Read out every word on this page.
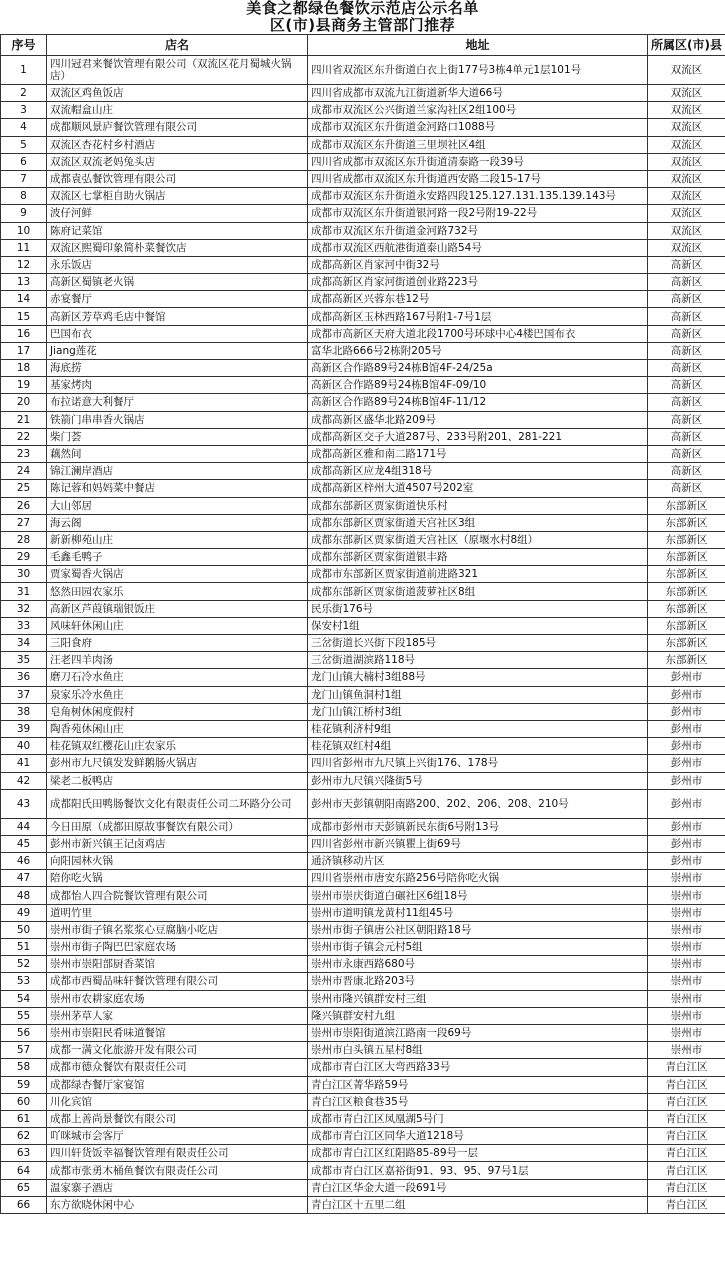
美食之都绿色餐饮示范店公示名单
区(市)县商务主管部门推荐
序号	店名	地址	所属区(市)县
1	四川冠君来餐饮管理有限公司（双流区花月蜀城火锅店）	四川省双流区东升街道白衣上街177号3栋4单元1层101号	双流区
2	双流区鸡鱼饭店	四川省成都市双流九江街道新华大道66号	双流区
3	双流帽盒山庄	成都市双流区公兴街道兰家沟社区2组100号	双流区
4	成都顺风景庐餐饮管理有限公司	成都市双流区东升街道金河路口1088号	双流区
5	双流区杏花村乡村酒店	成都市双流区东升街道三里坝社区4组	双流区
6	双流区双流老妈兔头店	四川省成都市双流区东升街道清泰路一段39号	双流区
7	成都袁弘餐饮管理有限公司	四川省成都市双流区东升街道西安路二段15-17号	双流区
8	双流区七掌柜自助火锅店	成都市双流区东升街道永安路四段125.127.131.135.139.143号	双流区
9	波仔河鲜	成都市双流区东升街道银河路一段2号附19-22号	双流区
10	陈府记菜馆	成都市双流区东升街道金河路732号	双流区
11	双流区熙蜀印象简朴菜餐饮店	成都市双流区西航港街道泰山路54号	双流区
12	永乐饭店	成都高新区肖家河中街32号	高新区
13	高新区蜀镇老火锅	成都高新区肖家河街道创业路223号	高新区
14	赤宴餐厅	成都高新区兴蓉东巷12号	高新区
15	高新区芳草鸡毛店中餐馆	成都高新区玉林西路167号附1-7号1层	高新区
16	巴国布衣	成都市高新区天府大道北段1700号环球中心4楼巴国布衣	高新区
17	Jiang莲花	富华北路666号2栋附205号	高新区
18	海底捞	高新区合作路89号24栋B馆4F-24/25a	高新区
19	基家烤肉	高新区合作路89号24栋B馆4F-09/10	高新区
20	布拉诺意大利餐厅	高新区合作路89号24栋B馆4F-11/12	高新区
21	铁箭门串串香火锅店	成都高新区盛华北路209号	高新区
22	柴门荟	成都高新区交子大道287号、233号附201、281-221	高新区
23	藕然间	成都高新区雅和南二路171号	高新区
24	锦江澜岸酒店	成都高新区应龙4组318号	高新区
25	陈记蓉和妈妈菜中餐店	成都高新区梓州大道4507号202室	高新区
26	大山邻居	成都东部新区贾家街道快乐村	东部新区
27	海云阁	成都东部新区贾家街道天宫社区3组	东部新区
28	新新柳苑山庄	成都东部新区贾家街道天宫社区（原堰水村8组）	东部新区
29	毛鑫毛鸭子	成都东部新区贾家街道银丰路	东部新区
30	贾家蜀香火锅店	成都市东部新区贾家街道前进路321	东部新区
31	悠然田园农家乐	成都东部新区贾家街道菠萝社区8组	东部新区
32	高新区芦葭镇瑞银饭庄	民乐街176号	东部新区
33	风味轩休闲山庄	保安村1组	东部新区
34	三阳食府	三岔街道长兴街下段185号	东部新区
35	汪老四羊肉汤	三岔街道湖滨路118号	东部新区
36	磨刀石冷水鱼庄	龙门山镇大楠村3组88号	彭州市
37	泉家乐冷水鱼庄	龙门山镇鱼洞村1组	彭州市
38	皂角树休闲度假村	龙门山镇江桥村3组	彭州市
39	陶香苑休闲山庄	桂花镇利济村9组	彭州市
40	桂花镇双红樱花山庄农家乐	桂花镇双红村4组	彭州市
41	彭州市九尺镇发发鲜鹅肠火锅店	四川省彭州市九尺镇上兴街176、178号	彭州市
42	梁老二板鸭店	彭州市九尺镇兴隆街5号	彭州市
43	成都阳氏田鸭肠餐饮文化有限责任公司二环路分公司	彭州市天彭镇朝阳南路200、202、206、208、210号	彭州市
44	今日田原（成都田原故事餐饮有限公司）	成都市彭州市天彭镇新民东街6号附13号	彭州市
45	彭州市新兴镇王记卤鸡店	四川省彭州市新兴镇瞿上街69号	彭州市
46	向阳园林火锅	通济镇移动片区	彭州市
47	陪你吃火锅	四川省崇州市唐安东路256号陪你吃火锅	崇州市
48	成都怡人四合院餐饮管理有限公司	崇州市崇庆街道白碾社区6组18号	崇州市
49	道明竹里	崇州市道明镇龙黄村11组45号	崇州市
50	崇州市街子镇名浆浆心豆腐脑小吃店	崇州市街子镇唐公社区朝阳路18号	崇州市
51	崇州市街子陶巴巴家庭农场	崇州市街子镇会元村5组	崇州市
52	崇州市崇阳部厨香菜馆	崇州市永康西路680号	崇州市
53	成都市西蜀品味轩餐饮管理有限公司	崇州市晋康北路203号	崇州市
54	崇州市农耕家庭农场	崇州市隆兴镇群安村三组	崇州市
55	崇州茅草人家	隆兴镇群安村九组	崇州市
56	崇州市崇阳民肴味道餐馆	崇州市崇阳街道滨江路南一段69号	崇州市
57	成都一满文化旅游开发有限公司	崇州市白头镇五星村8组	崇州市
58	成都市德众餐饮有限责任公司	成都市青白江区大弯西路33号	青白江区
59	成都绿杏餐厅家宴馆	青白江区菁华路59号	青白江区
60	川化宾馆	青白江区粮食巷35号	青白江区
61	成都上善尚景餐饮有限公司	成都市青白江区凤凰湖5号门	青白江区
62	吖咪城市会客厅	成都市青白江区同华大道1218号	青白江区
63	四川轩货饭幸福餐饮管理有限责任公司	成都市青白江区红阳路85-89号一层	青白江区
64	成都市张勇木桶鱼餐饮有限责任公司	成都市青白江区嘉裕街91、93、95、97号1层	青白江区
65	温家寨子酒店	青白江区华金大道一段691号	青白江区
66	东方欲晓休闲中心	青白江区十五里二组	青白江区
